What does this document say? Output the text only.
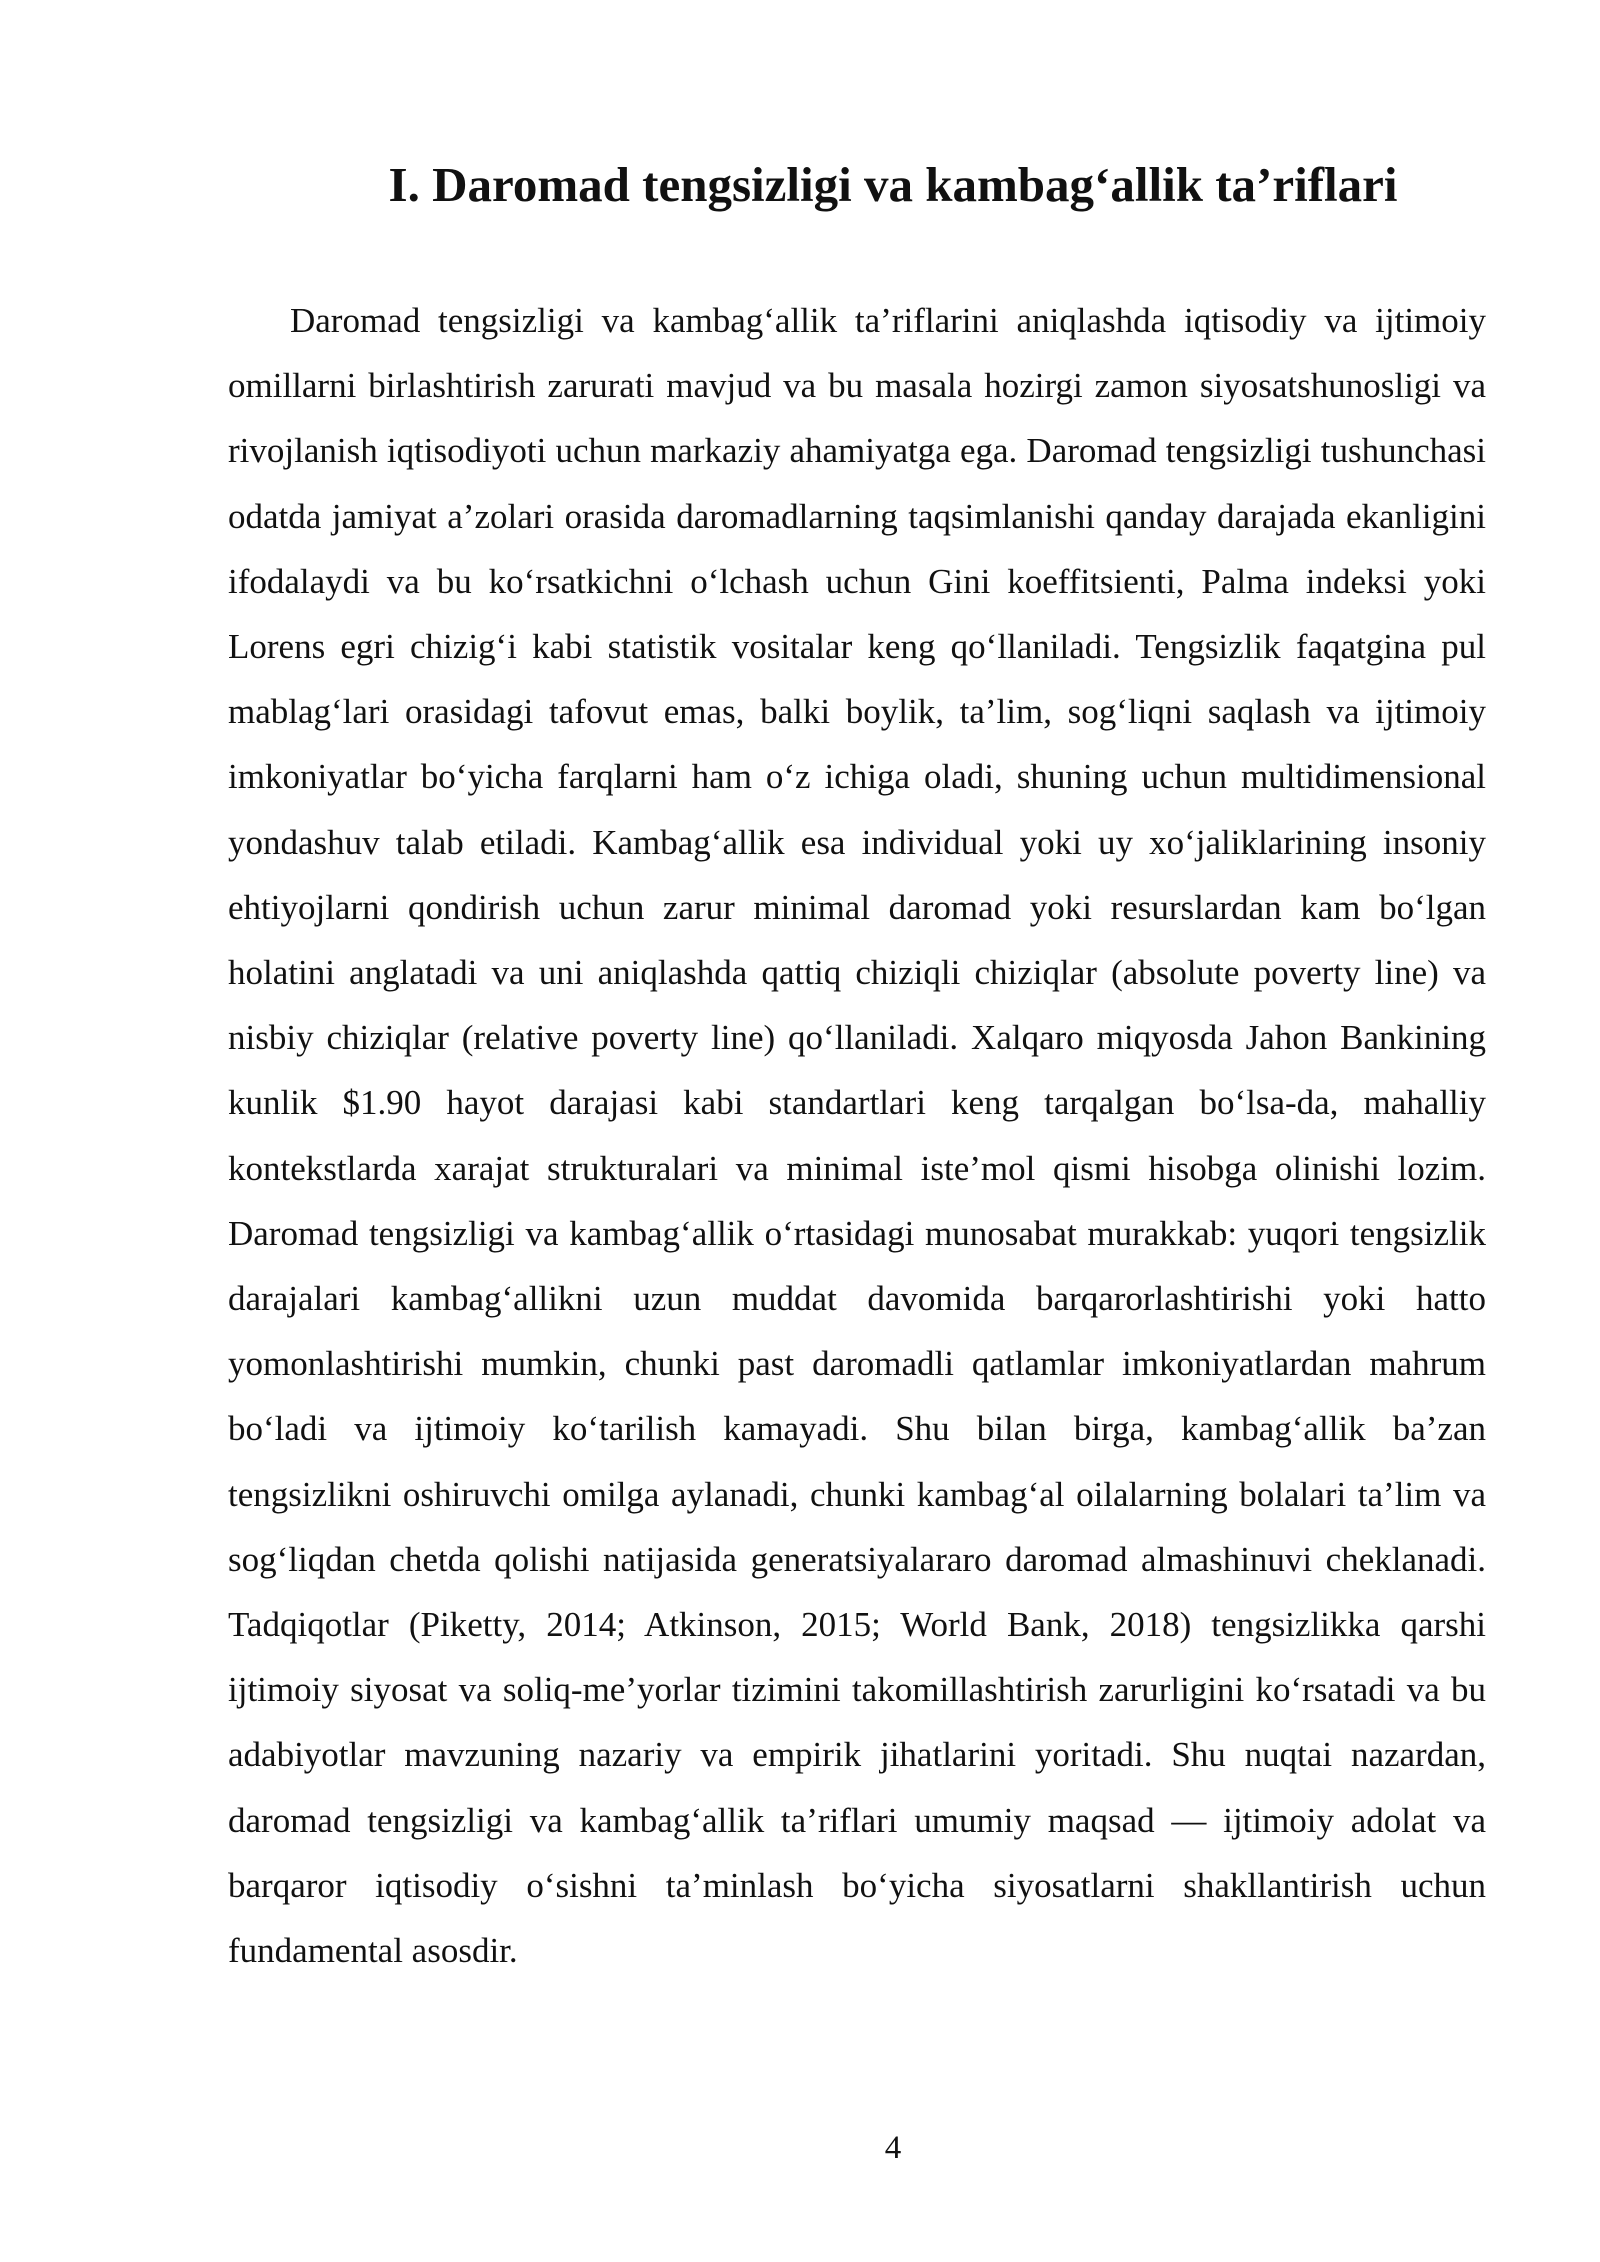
I. Daromad tengsizligi va kambag‘allik ta’riflari

Daromad tengsizligi va kambag‘allik ta’riflarini aniqlashda iqtisodiy va ijtimoiy omillarni birlashtirish zarurati mavjud va bu masala hozirgi zamon siyosatshunosligi va rivojlanish iqtisodiyoti uchun markaziy ahamiyatga ega. Daromad tengsizligi tushunchasi odatda jamiyat a’zolari orasida daromadlarning taqsimlanishi qanday darajada ekanligini ifodalaydi va bu ko‘rsatkichni o‘lchash uchun Gini koeffitsienti, Palma indeksi yoki Lorens egri chizig‘i kabi statistik vositalar keng qo‘llaniladi. Tengsizlik faqatgina pul mablag‘lari orasidagi tafovut emas, balki boylik, ta’lim, sog‘liqni saqlash va ijtimoiy imkoniyatlar bo‘yicha farqlarni ham o‘z ichiga oladi, shuning uchun multidimensional yondashuv talab etiladi. Kambag‘allik esa individual yoki uy xo‘jaliklarining insoniy ehtiyojlarni qondirish uchun zarur minimal daromad yoki resurslardan kam bo‘lgan holatini anglatadi va uni aniqlashda qattiq chiziqli chiziqlar (absolute poverty line) va nisbiy chiziqlar (relative poverty line) qo‘llaniladi. Xalqaro miqyosda Jahon Bankining kunlik $1.90 hayot darajasi kabi standartlari keng tarqalgan bo‘lsa-da, mahalliy kontekstlarda xarajat strukturalari va minimal iste’mol qismi hisobga olinishi lozim. Daromad tengsizligi va kambag‘allik o‘rtasidagi munosabat murakkab: yuqori tengsizlik darajalari kambag‘allikni uzun muddat davomida barqarorlashtirishi yoki hatto yomonlashtirishi mumkin, chunki past daromadli qatlamlar imkoniyatlardan mahrum bo‘ladi va ijtimoiy ko‘tarilish kamayadi. Shu bilan birga, kambag‘allik ba’zan tengsizlikni oshiruvchi omilga aylanadi, chunki kambag‘al oilalarning bolalari ta’lim va sog‘liqdan chetda qolishi natijasida generatsiyalararo daromad almashinuvi cheklanadi. Tadqiqotlar (Piketty, 2014; Atkinson, 2015; World Bank, 2018) tengsizlikka qarshi ijtimoiy siyosat va soliq-me’yorlar tizimini takomillashtirish zarurligini ko‘rsatadi va bu adabiyotlar mavzuning nazariy va empirik jihatlarini yoritadi. Shu nuqtai nazardan, daromad tengsizligi va kambag‘allik ta’riflari umumiy maqsad — ijtimoiy adolat va barqaror iqtisodiy o‘sishni ta’minlash bo‘yicha siyosatlarni shakllantirish uchun fundamental asosdir.

4
